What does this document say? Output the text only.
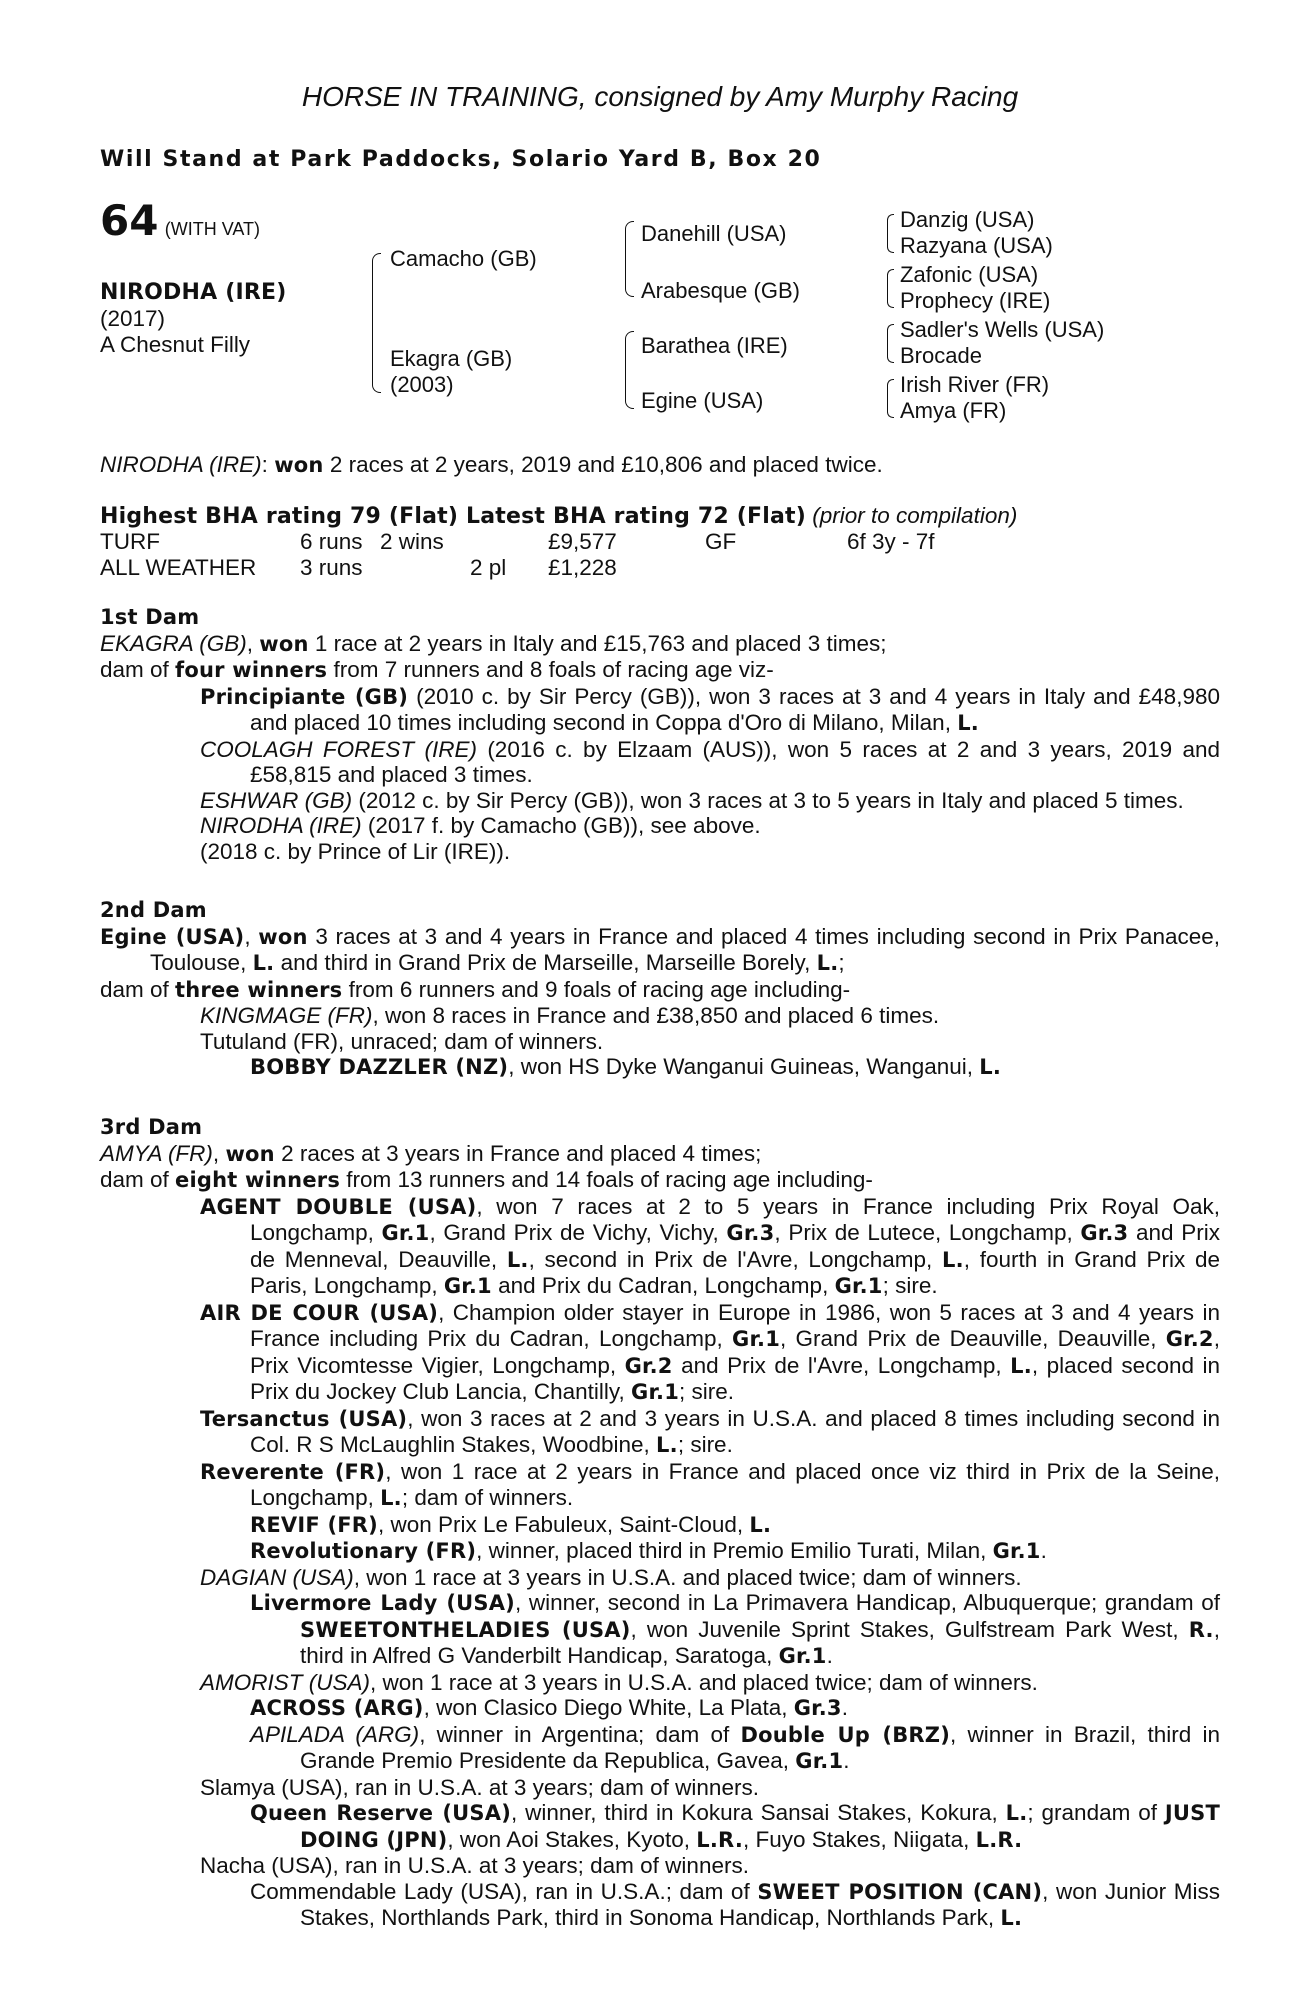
HORSE IN TRAINING, consigned by Amy Murphy Racing
Will Stand at Park Paddocks, Solario Yard B, Box 20
64 (WITH VAT)
NIRODHA (IRE)
(2017)
A Chesnut Filly
Camacho (GB)
Ekagra (GB)
(2003)
Danehill (USA)
Arabesque (GB)
Barathea (IRE)
Egine (USA)
Danzig (USA)
Razyana (USA)
Zafonic (USA)
Prophecy (IRE)
Sadler's Wells (USA)
Brocade
Irish River (FR)
Amya (FR)
NIRODHA (IRE): won 2 races at 2 years, 2019 and £10,806 and placed twice.
Highest BHA rating 79 (Flat) Latest BHA rating 72 (Flat) (prior to compilation)
TURF	6 runs 2 wins	£9,577	GF	6f 3y - 7f
ALL WEATHER 3 runs	2 pl £1,228

1st Dam

EKAGRA (GB), won 1 race at 2 years in Italy and £15,763 and placed 3 times;

dam of four winners from 7 runners and 8 foals of racing age viz-

Principiante (GB) (2010 c. by Sir Percy (GB)), won 3 races at 3 and 4 years in Italy and £48,980 and placed 10 times including second in Coppa d'Oro di Milano, Milan, L.

COOLAGH FOREST (IRE) (2016 c. by Elzaam (AUS)), won 5 races at 2 and 3 years, 2019 and £58,815 and placed 3 times.

ESHWAR (GB) (2012 c. by Sir Percy (GB)), won 3 races at 3 to 5 years in Italy and placed 5 times.

NIRODHA (IRE) (2017 f. by Camacho (GB)), see above.

(2018 c. by Prince of Lir (IRE)).

2nd Dam

Egine (USA), won 3 races at 3 and 4 years in France and placed 4 times including second in Prix Panacee, Toulouse, L. and third in Grand Prix de Marseille, Marseille Borely, L.;

dam of three winners from 6 runners and 9 foals of racing age including-

KINGMAGE (FR), won 8 races in France and £38,850 and placed 6 times.

Tutuland (FR), unraced; dam of winners.

BOBBY DAZZLER (NZ), won HS Dyke Wanganui Guineas, Wanganui, L.

3rd Dam

AMYA (FR), won 2 races at 3 years in France and placed 4 times;

dam of eight winners from 13 runners and 14 foals of racing age including-

AGENT DOUBLE (USA), won 7 races at 2 to 5 years in France including Prix Royal Oak, Longchamp, Gr.1, Grand Prix de Vichy, Vichy, Gr.3, Prix de Lutece, Longchamp, Gr.3 and Prix de Menneval, Deauville, L., second in Prix de l'Avre, Longchamp, L., fourth in Grand Prix de Paris, Longchamp, Gr.1 and Prix du Cadran, Longchamp, Gr.1; sire.

AIR DE COUR (USA), Champion older stayer in Europe in 1986, won 5 races at 3 and 4 years in France including Prix du Cadran, Longchamp, Gr.1, Grand Prix de Deauville, Deauville, Gr.2, Prix Vicomtesse Vigier, Longchamp, Gr.2 and Prix de l'Avre, Longchamp, L., placed second in Prix du Jockey Club Lancia, Chantilly, Gr.1; sire.

Tersanctus (USA), won 3 races at 2 and 3 years in U.S.A. and placed 8 times including second in Col. R S McLaughlin Stakes, Woodbine, L.; sire.

Reverente (FR), won 1 race at 2 years in France and placed once viz third in Prix de la Seine, Longchamp, L.; dam of winners.

REVIF (FR), won Prix Le Fabuleux, Saint-Cloud, L.

Revolutionary (FR), winner, placed third in Premio Emilio Turati, Milan, Gr.1.

DAGIAN (USA), won 1 race at 3 years in U.S.A. and placed twice; dam of winners.

Livermore Lady (USA), winner, second in La Primavera Handicap, Albuquerque; grandam of SWEETONTHELADIES (USA), won Juvenile Sprint Stakes, Gulfstream Park West, R., third in Alfred G Vanderbilt Handicap, Saratoga, Gr.1.

AMORIST (USA), won 1 race at 3 years in U.S.A. and placed twice; dam of winners.

ACROSS (ARG), won Clasico Diego White, La Plata, Gr.3.

APILADA (ARG), winner in Argentina; dam of Double Up (BRZ), winner in Brazil, third in Grande Premio Presidente da Republica, Gavea, Gr.1.

Slamya (USA), ran in U.S.A. at 3 years; dam of winners.

Queen Reserve (USA), winner, third in Kokura Sansai Stakes, Kokura, L.; grandam of JUST DOING (JPN), won Aoi Stakes, Kyoto, L.R., Fuyo Stakes, Niigata, L.R.

Nacha (USA), ran in U.S.A. at 3 years; dam of winners.

Commendable Lady (USA), ran in U.S.A.; dam of SWEET POSITION (CAN), won Junior Miss Stakes, Northlands Park, third in Sonoma Handicap, Northlands Park, L.
